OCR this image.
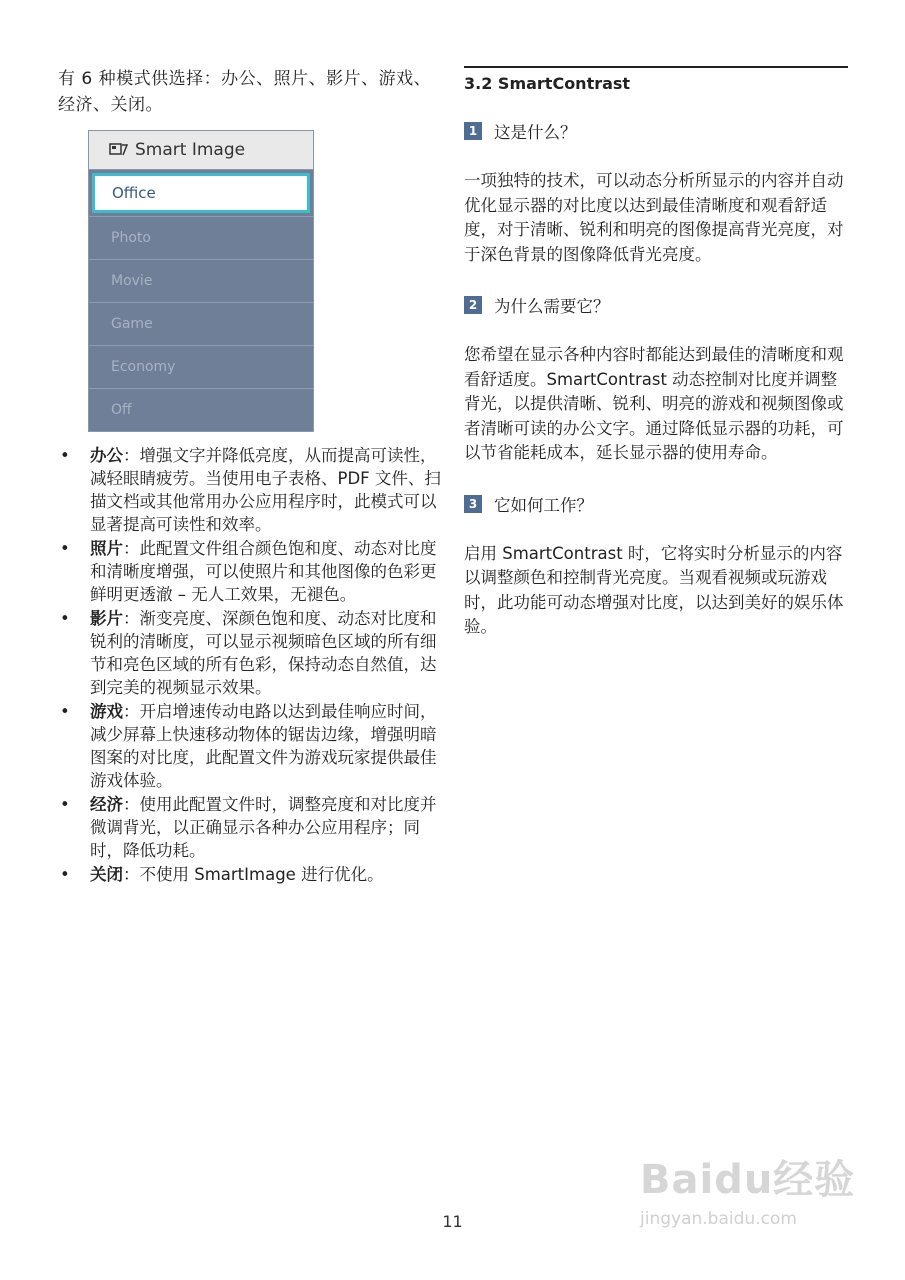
有 6 种模式供选择：办公、照片、影片、游戏、经济、关闭。

Smart Image
Office
Photo
Movie
Game
Economy
Off
• 办公：增强文字并降低亮度，从而提高可读性，减轻眼睛疲劳。当使用电子表格、PDF 文件、扫描文档或其他常用办公应用程序时，此模式可以显著提高可读性和效率。
• 照片：此配置文件组合颜色饱和度、动态对比度和清晰度增强，可以使照片和其他图像的色彩更鲜明更透澈 – 无人工效果，无褪色。
• 影片：渐变亮度、深颜色饱和度、动态对比度和锐利的清晰度，可以显示视频暗色区域的所有细节和亮色区域的所有色彩，保持动态自然值，达到完美的视频显示效果。
• 游戏：开启增速传动电路以达到最佳响应时间，减少屏幕上快速移动物体的锯齿边缘，增强明暗图案的对比度，此配置文件为游戏玩家提供最佳游戏体验。
• 经济：使用此配置文件时，调整亮度和对比度并微调背光，以正确显示各种办公应用程序；同时，降低功耗。
• 关闭：不使用 SmartImage 进行优化。
3.2 SmartContrast
1 这是什么？

一项独特的技术，可以动态分析所显示的内容并自动优化显示器的对比度以达到最佳清晰度和观看舒适度，对于清晰、锐利和明亮的图像提高背光亮度，对于深色背景的图像降低背光亮度。

2 为什么需要它？

您希望在显示各种内容时都能达到最佳的清晰度和观看舒适度。SmartContrast 动态控制对比度并调整背光，以提供清晰、锐利、明亮的游戏和视频图像或者清晰可读的办公文字。通过降低显示器的功耗，可以节省能耗成本，延长显示器的使用寿命。

3 它如何工作？

启用 SmartContrast 时，它将实时分析显示的内容以调整颜色和控制背光亮度。当观看视频或玩游戏时，此功能可动态增强对比度，以达到美好的娱乐体验。

11
Baidu经验
jingyan.baidu.com
